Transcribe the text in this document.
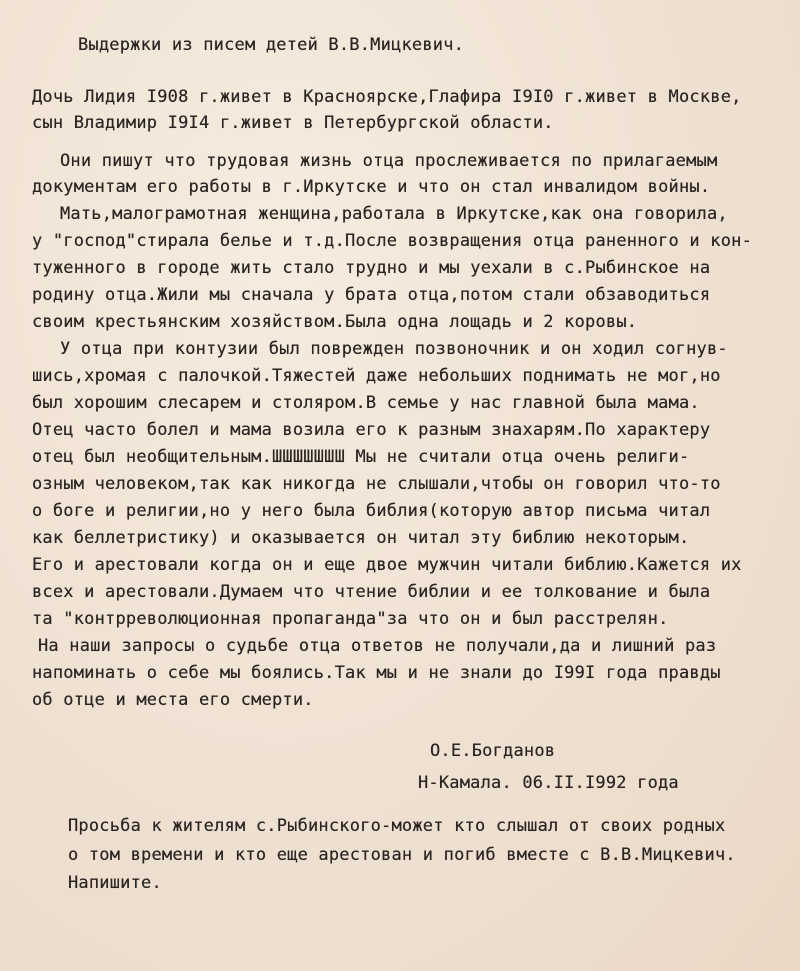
Выдержки из писем детей В.В.Мицкевич.
Дочь Лидия I908 г.живет в Красноярске,Глафира I9I0 г.живет в Москве,
сын Владимир I9I4 г.живет в Петербургской области.
Они пишут что трудовая жизнь отца прослеживается по прилагаемым
документам его работы в г.Иркутске и что он стал инвалидом войны.
Мать,малограмотная женщина,работала в Иркутске,как она говорила,
у "господ"стирала белье и т.д.После возвращения отца раненного и кон-
туженного в городе жить стало трудно и мы уехали в с.Рыбинское на
родину отца.Жили мы сначала у брата отца,потом стали обзаводиться
своим крестьянским хозяйством.Была одна лощадь и 2 коровы.
У отца при контузии был поврежден позвоночник и он ходил согнув-
шись,хромая с палочкой.Тяжестей даже небольших поднимать не мог,но
был хорошим слесарем и столяром.В семье у нас главной была мама.
Отец часто болел и мама возила его к разным знахарям.По характеру
отец был необщительным.ШШШШШШШ Мы не считали отца очень религи-
озным человеком,так как никогда не слышали,чтобы он говорил что-то
о боге и религии,но у него была библия(которую автор письма читал
как беллетристику) и оказывается он читал эту библию некоторым.
Его и арестовали когда он и еще двое мужчин читали библию.Кажется их
всех и арестовали.Думаем что чтение библии и ее толкование и была
та "контрреволюционная пропаганда"за что он и был расстрелян.
На наши запросы о судьбе отца ответов не получали,да и лишний раз
напоминать о себе мы боялись.Так мы и не знали до I99I года правды
об отце и места его смерти.
О.Е.Богданов
Н-Камала. 06.II.I992 года
Просьба к жителям с.Рыбинского-может кто слышал от своих родных
о том времени и кто еще арестован и погиб вместе с В.В.Мицкевич.
Напишите.
